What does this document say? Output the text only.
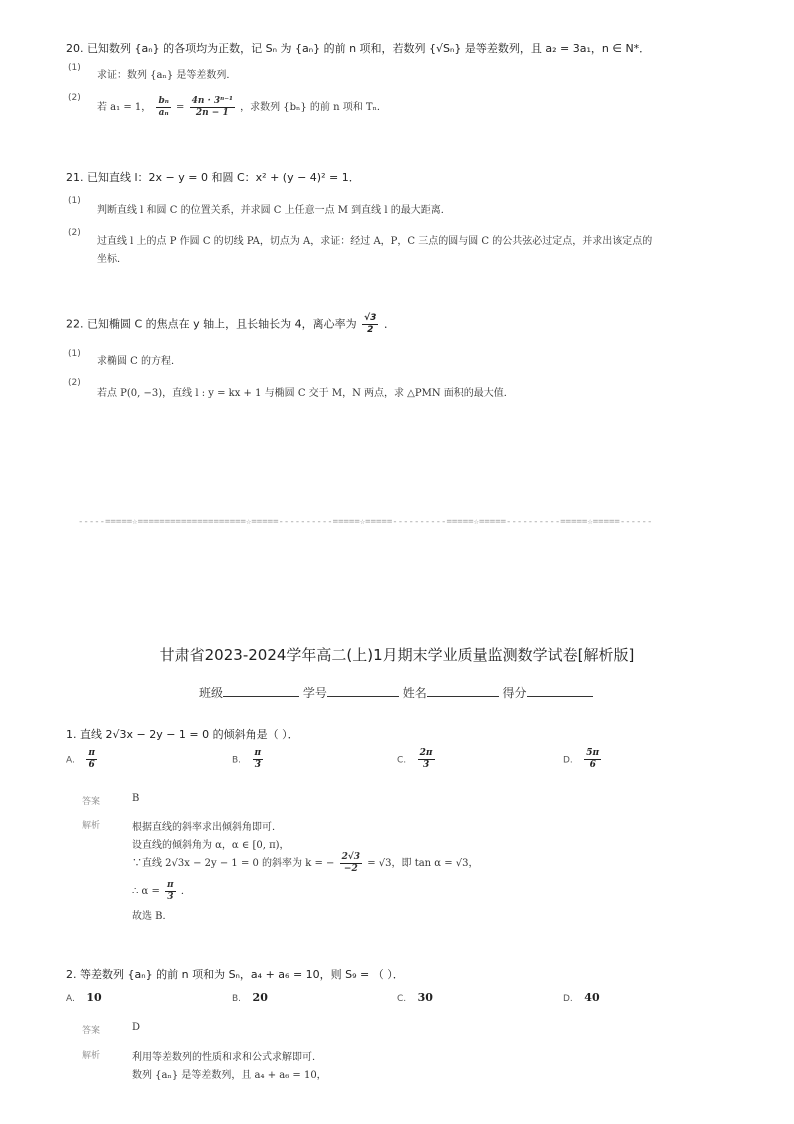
20. 已知数列 {aₙ} 的各项均为正数，记 Sₙ 为 {aₙ} 的前 n 项和，若数列 {√Sₙ} 是等差数列，且 a₂ = 3a₁，n ∈ N*．
(1)
求证：数列 {aₙ} 是等差数列．
(2)
若 a₁ = 1， $\frac{\text{bₙ}}{\text{aₙ}} = \frac{\text{4n · 3ⁿ⁻¹}}{2n - 1}$ ，求数列 {bₙ} 的前 n 项和 Tₙ．
21. 已知直线 l：2x − y = 0 和圆 C：x² + (y − 4)² = 1．
(1)
判断直线 l 和圆 C 的位置关系，并求圆 C 上任意一点 M 到直线 l 的最大距离．
(2)
过直线 l 上的点 P 作圆 C 的切线 PA，切点为 A，求证：经过 A，P，C 三点的圆与圆 C 的公共弦必过定点，并求出该定点的
坐标．
22. 已知椭圆 C 的焦点在 y 轴上，且长轴长为 4，离心率为 $\frac{√3}{2}$ ．
(1)
求椭圆 C 的方程．
(2)
若点 P(0, −3)，直线 l : y = kx + 1 与椭圆 C 交于 M，N 两点，求 △PMN 面积的最大值．
-----=====☆====================☆=====----------=====☆=====----------=====☆=====----------=====☆=====------
甘肃省2023-2024学年高二(上)1月期末学业质量监测数学试卷[解析版]
班级	学号	姓名	得分
1. 直线 2√3x − 2y − 1 = 0 的倾斜角是（ ）．
A. $\frac{\pi}{6}$	B. $\frac{\pi}{3}$	C. $\frac{2\pi}{3}$	D. $\frac{5\pi}{6}$
答案	B
解析	根据直线的斜率求出倾斜角即可．
设直线的倾斜角为 α，α ∈ [0, π)，
∵直线 2√3x − 2y − 1 = 0 的斜率为 k = − $\frac{2√3}{-2} = √3$，即 tan α = √3，
∴ $\alpha = \frac{\pi}{3}$ ．
故选 B．
2. 等差数列 {aₙ} 的前 n 项和为 Sₙ，a₄ + a₆ = 10，则 S₉ = （ ）．
A. 10	B. 20	C. 30	D. 40
答案	D
解析	利用等差数列的性质和求和公式求解即可．
数列 {aₙ} 是等差数列，且 a₄ + a₆ = 10，
